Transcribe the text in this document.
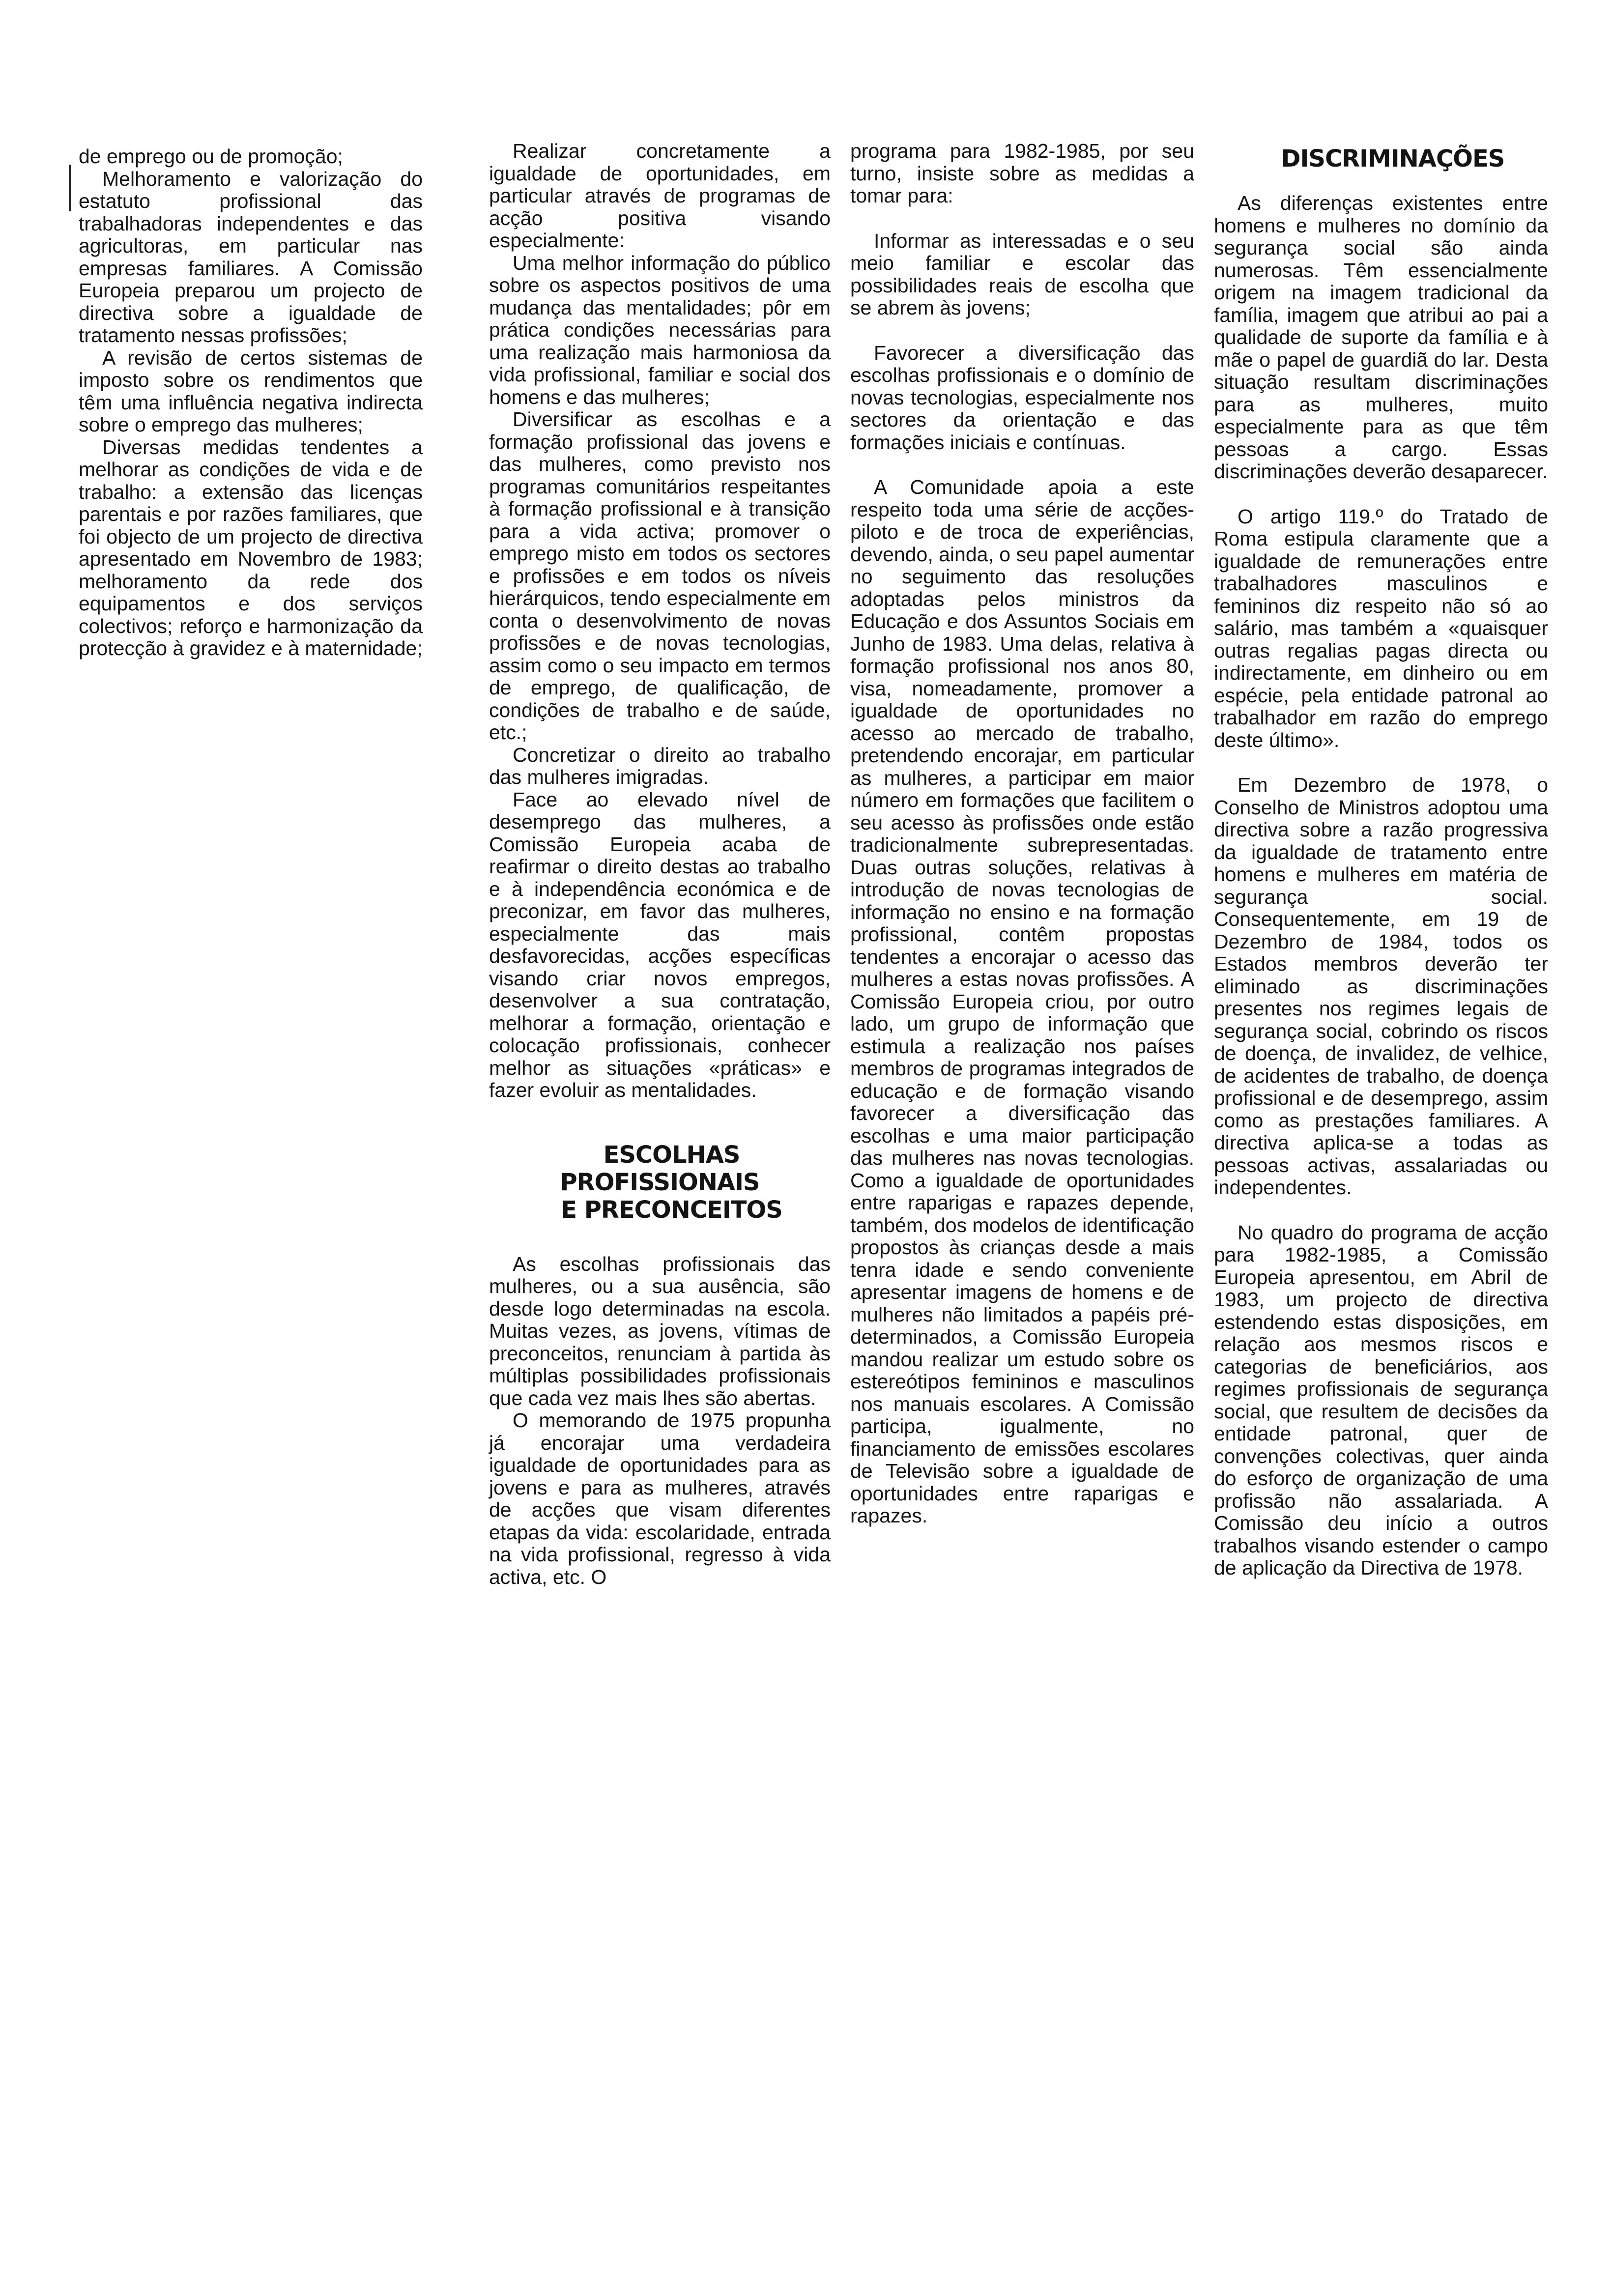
de emprego ou de promoção;

Melhoramento e valorização do estatuto profissional das trabalhadoras independentes e das agricultoras, em particular nas empresas familiares. A Comissão Europeia preparou um projecto de directiva sobre a igualdade de tratamento nessas profissões;

A revisão de certos sistemas de imposto sobre os rendimentos que têm uma influência negativa indirecta sobre o emprego das mulheres;

Diversas medidas tendentes a melhorar as condições de vida e de trabalho: a extensão das licenças parentais e por razões familiares, que foi objecto de um projecto de directiva apresentado em Novembro de 1983; melhoramento da rede dos equipamentos e dos serviços colectivos; reforço e harmonização da protecção à gravidez e à maternidade;

Realizar concretamente a igualdade de oportunidades, em particular através de programas de acção positiva visando especialmente:

Uma melhor informação do público sobre os aspectos positivos de uma mudança das mentalidades; pôr em prática condições necessárias para uma realização mais harmoniosa da vida profissional, familiar e social dos homens e das mulheres;

Diversificar as escolhas e a formação profissional das jovens e das mulheres, como previsto nos programas comunitários respeitantes à formação profissional e à transição para a vida activa; promover o emprego misto em todos os sectores e profissões e em todos os níveis hierárquicos, tendo especialmente em conta o desenvolvimento de novas profissões e de novas tecnologias, assim como o seu impacto em termos de emprego, de qualificação, de condições de trabalho e de saúde, etc.;

Concretizar o direito ao trabalho das mulheres imigradas.

Face ao elevado nível de desemprego das mulheres, a Comissão Europeia acaba de reafirmar o direito destas ao trabalho e à independência económica e de preconizar, em favor das mulheres, especialmente das mais desfavorecidas, acções específicas visando criar novos empregos, desenvolver a sua contratação, melhorar a formação, orientação e colocação profissionais, conhecer melhor as situações «práticas» e fazer evoluir as mentalidades.

ESCOLHAS PROFISSIONAIS

E PRECONCEITOS

As escolhas profissionais das mulheres, ou a sua ausência, são desde logo determinadas na escola. Muitas vezes, as jovens, vítimas de preconceitos, renunciam à partida às múltiplas possibilidades profissionais que cada vez mais lhes são abertas.

O memorando de 1975 propunha já encorajar uma verdadeira igualdade de oportunidades para as jovens e para as mulheres, através de acções que visam diferentes etapas da vida: escolaridade, entrada na vida profissional, regresso à vida activa, etc. O

programa para 1982-1985, por seu turno, insiste sobre as medidas a tomar para:

Informar as interessadas e o seu meio familiar e escolar das possibilidades reais de escolha que se abrem às jovens;

Favorecer a diversificação das escolhas profissionais e o domínio de novas tecnologias, especialmente nos sectores da orientação e das formações iniciais e contínuas.

A Comunidade apoia a este respeito toda uma série de acções-piloto e de troca de experiências, devendo, ainda, o seu papel aumentar no seguimento das resoluções adoptadas pelos ministros da Educação e dos Assuntos Sociais em Junho de 1983. Uma delas, relativa à formação profissional nos anos 80, visa, nomeadamente, promover a igualdade de oportunidades no acesso ao mercado de trabalho, pretendendo encorajar, em particular as mulheres, a participar em maior número em formações que facilitem o seu acesso às profissões onde estão tradicionalmente subrepresentadas. Duas outras soluções, relativas à introdução de novas tecnologias de informação no ensino e na formação profissional, contêm propostas tendentes a encorajar o acesso das mulheres a estas novas profissões. A Comissão Europeia criou, por outro lado, um grupo de informação que estimula a realização nos países membros de programas integrados de educação e de formação visando favorecer a diversificação das escolhas e uma maior participação das mulheres nas novas tecnologias. Como a igualdade de oportunidades entre raparigas e rapazes depende, também, dos modelos de identificação propostos às crianças desde a mais tenra idade e sendo conveniente apresentar imagens de homens e de mulheres não limitados a papéis pré-determinados, a Comissão Europeia mandou realizar um estudo sobre os estereótipos femininos e masculinos nos manuais escolares. A Comissão participa, igualmente, no financiamento de emissões escolares de Televisão sobre a igualdade de oportunidades entre raparigas e rapazes.

DISCRIMINAÇÕES

As diferenças existentes entre homens e mulheres no domínio da segurança social são ainda numerosas. Têm essencialmente origem na imagem tradicional da família, imagem que atribui ao pai a qualidade de suporte da família e à mãe o papel de guardiã do lar. Desta situação resultam discriminações para as mulheres, muito especialmente para as que têm pessoas a cargo. Essas discriminações deverão desaparecer.

O artigo 119.º do Tratado de Roma estipula claramente que a igualdade de remunerações entre trabalhadores masculinos e femininos diz respeito não só ao salário, mas também a «quaisquer outras regalias pagas directa ou indirectamente, em dinheiro ou em espécie, pela entidade patronal ao trabalhador em razão do emprego deste último».

Em Dezembro de 1978, o Conselho de Ministros adoptou uma directiva sobre a razão progressiva da igualdade de tratamento entre homens e mulheres em matéria de segurança social. Consequentemente, em 19 de Dezembro de 1984, todos os Estados membros deverão ter eliminado as discriminações presentes nos regimes legais de segurança social, cobrindo os riscos de doença, de invalidez, de velhice, de acidentes de trabalho, de doença profissional e de desemprego, assim como as prestações familiares. A directiva aplica-se a todas as pessoas activas, assalariadas ou independentes.

No quadro do programa de acção para 1982-1985, a Comissão Europeia apresentou, em Abril de 1983, um projecto de directiva estendendo estas disposições, em relação aos mesmos riscos e categorias de beneficiários, aos regimes profissionais de segurança social, que resultem de decisões da entidade patronal, quer de convenções colectivas, quer ainda do esforço de organização de uma profissão não assalariada. A Comissão deu início a outros trabalhos visando estender o campo de aplicação da Directiva de 1978.
